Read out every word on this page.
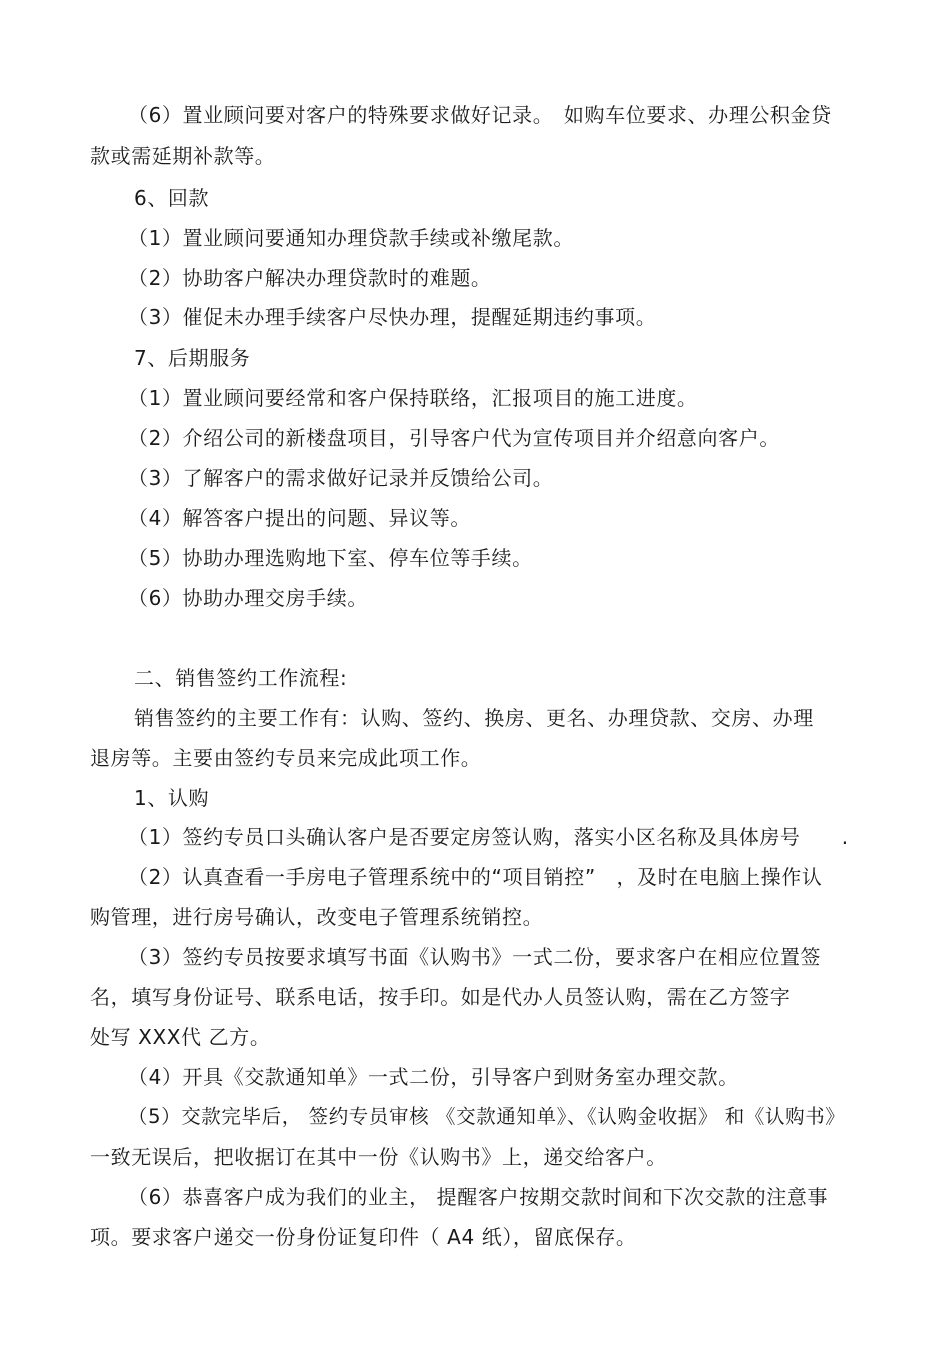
（6）置业顾问要对客户的特殊要求做好记录。　如购车位要求、办理公积金贷
款或需延期补款等。
6、回款
（1）置业顾问要通知办理贷款手续或补缴尾款。
（2）协助客户解决办理贷款时的难题。
（3）催促未办理手续客户尽快办理，提醒延期违约事项。
7、后期服务
（1）置业顾问要经常和客户保持联络，汇报项目的施工进度。
（2）介绍公司的新楼盘项目，引导客户代为宣传项目并介绍意向客户。
（3）了解客户的需求做好记录并反馈给公司。
（4）解答客户提出的问题、异议等。
（5）协助办理选购地下室、停车位等手续。
（6）协助办理交房手续。
二、销售签约工作流程:
销售签约的主要工作有：认购、签约、换房、更名、办理贷款、交房、办理
退房等。主要由签约专员来完成此项工作。
1、认购
（1）签约专员口头确认客户是否要定房签认购，落实小区名称及具体房号　　.
（2）认真查看一手房电子管理系统中的“项目销控”　，及时在电脑上操作认
购管理，进行房号确认，改变电子管理系统销控。
（3）签约专员按要求填写书面《认购书》一式二份，要求客户在相应位置签
名，填写身份证号、联系电话，按手印。如是代办人员签认购，需在乙方签字
处写 XXX代 乙方。
（4）开具《交款通知单》一式二份，引导客户到财务室办理交款。
（5）交款完毕后， 签约专员审核 《交款通知单》、《认购金收据》 和《认购书》
一致无误后，把收据订在其中一份《认购书》上，递交给客户。
（6）恭喜客户成为我们的业主， 提醒客户按期交款时间和下次交款的注意事
项。要求客户递交一份身份证复印件（ A4 纸），留底保存。
